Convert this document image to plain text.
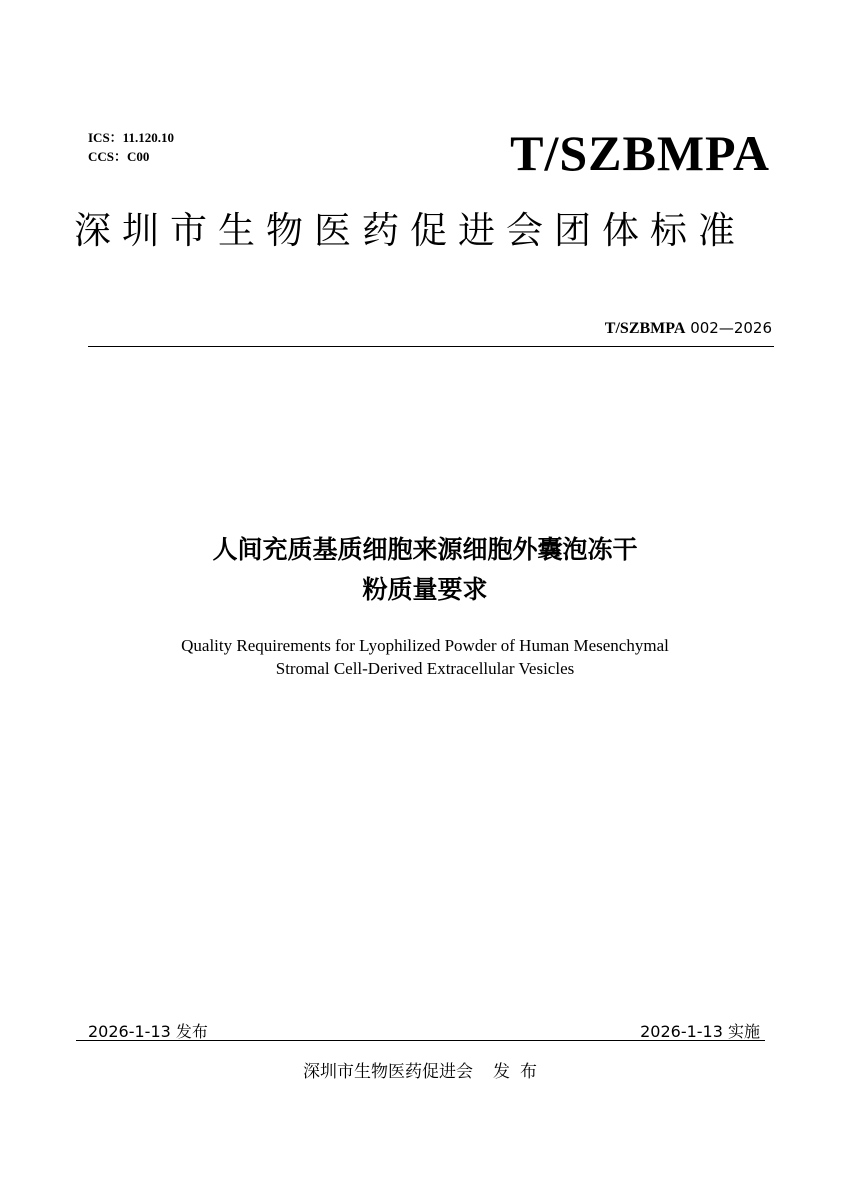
ICS：11.120.10
CCS：C00	T/SZBMPA
深圳市生物医药促进会团体标准
T/SZBMPA 002—2026
人间充质基质细胞来源细胞外囊泡冻干
粉质量要求
Quality Requirements for Lyophilized Powder of Human Mesenchymal
Stromal Cell-Derived Extracellular Vesicles
2026-1-13 发布	2026-1-13 实施
深圳市生物医药促进会 发布
